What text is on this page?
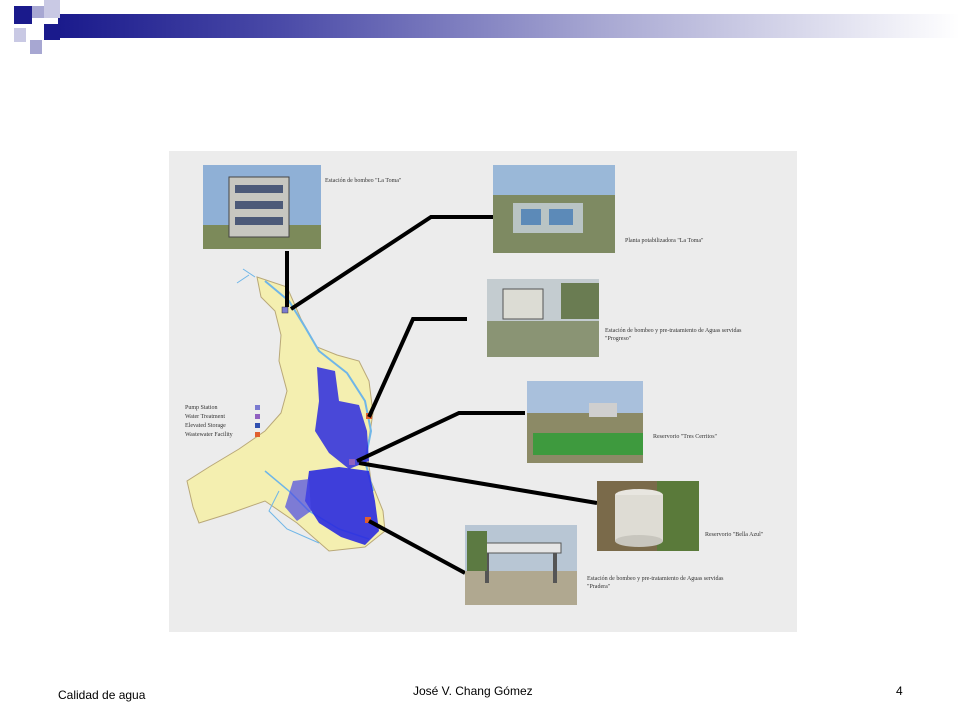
Estación de bombeo "La Toma"
Planta potabilizadora "La Toma"
Estación de bombeo y pre-tratamiento de Aguas servidas "Progreso"
Reservorio "Tres Cerritos"
Reservorio "Bella Azul"
Estación de bombeo y pre-tratamiento de Aguas servidas "Pradera"
Pump Station
Water Treatment
Elevated Storage
Wastewater Facility
Calidad de agua	José V. Chang Gómez	4
